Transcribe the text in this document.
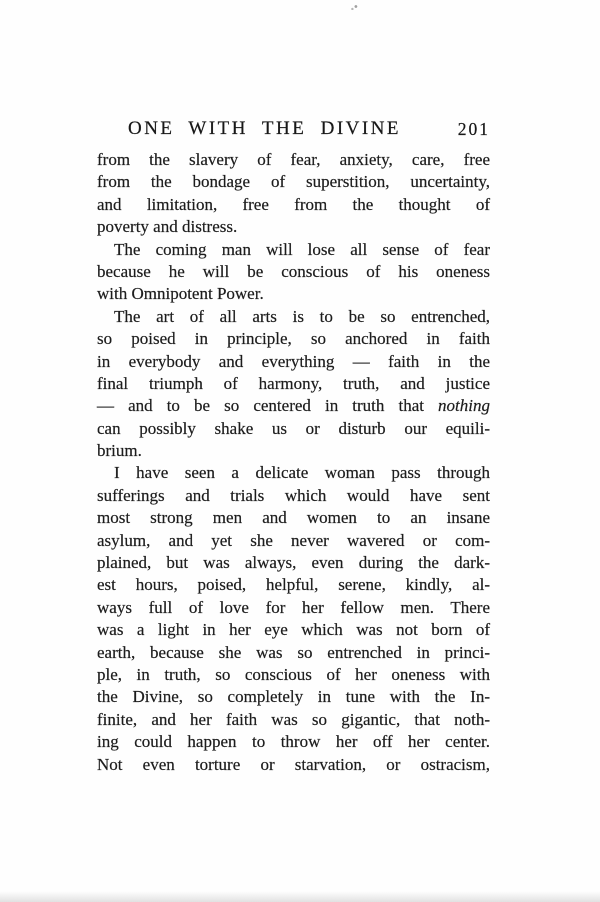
ONE WITH THE DIVINE	201
from the slavery of fear, anxiety, care, free
from the bondage of superstition, uncertainty,
and limitation, free from the thought of
poverty and distress.
The coming man will lose all sense of fear
because he will be conscious of his oneness
with Omnipotent Power.
The art of all arts is to be so entrenched,
so poised in principle, so anchored in faith
in everybody and everything — faith in the
final triumph of harmony, truth, and justice
— and to be so centered in truth that nothing
can possibly shake us or disturb our equili-
brium.
I have seen a delicate woman pass through
sufferings and trials which would have sent
most strong men and women to an insane
asylum, and yet she never wavered or com-
plained, but was always, even during the dark-
est hours, poised, helpful, serene, kindly, al-
ways full of love for her fellow men. There
was a light in her eye which was not born of
earth, because she was so entrenched in princi-
ple, in truth, so conscious of her oneness with
the Divine, so completely in tune with the In-
finite, and her faith was so gigantic, that noth-
ing could happen to throw her off her center.
Not even torture or starvation, or ostracism,
